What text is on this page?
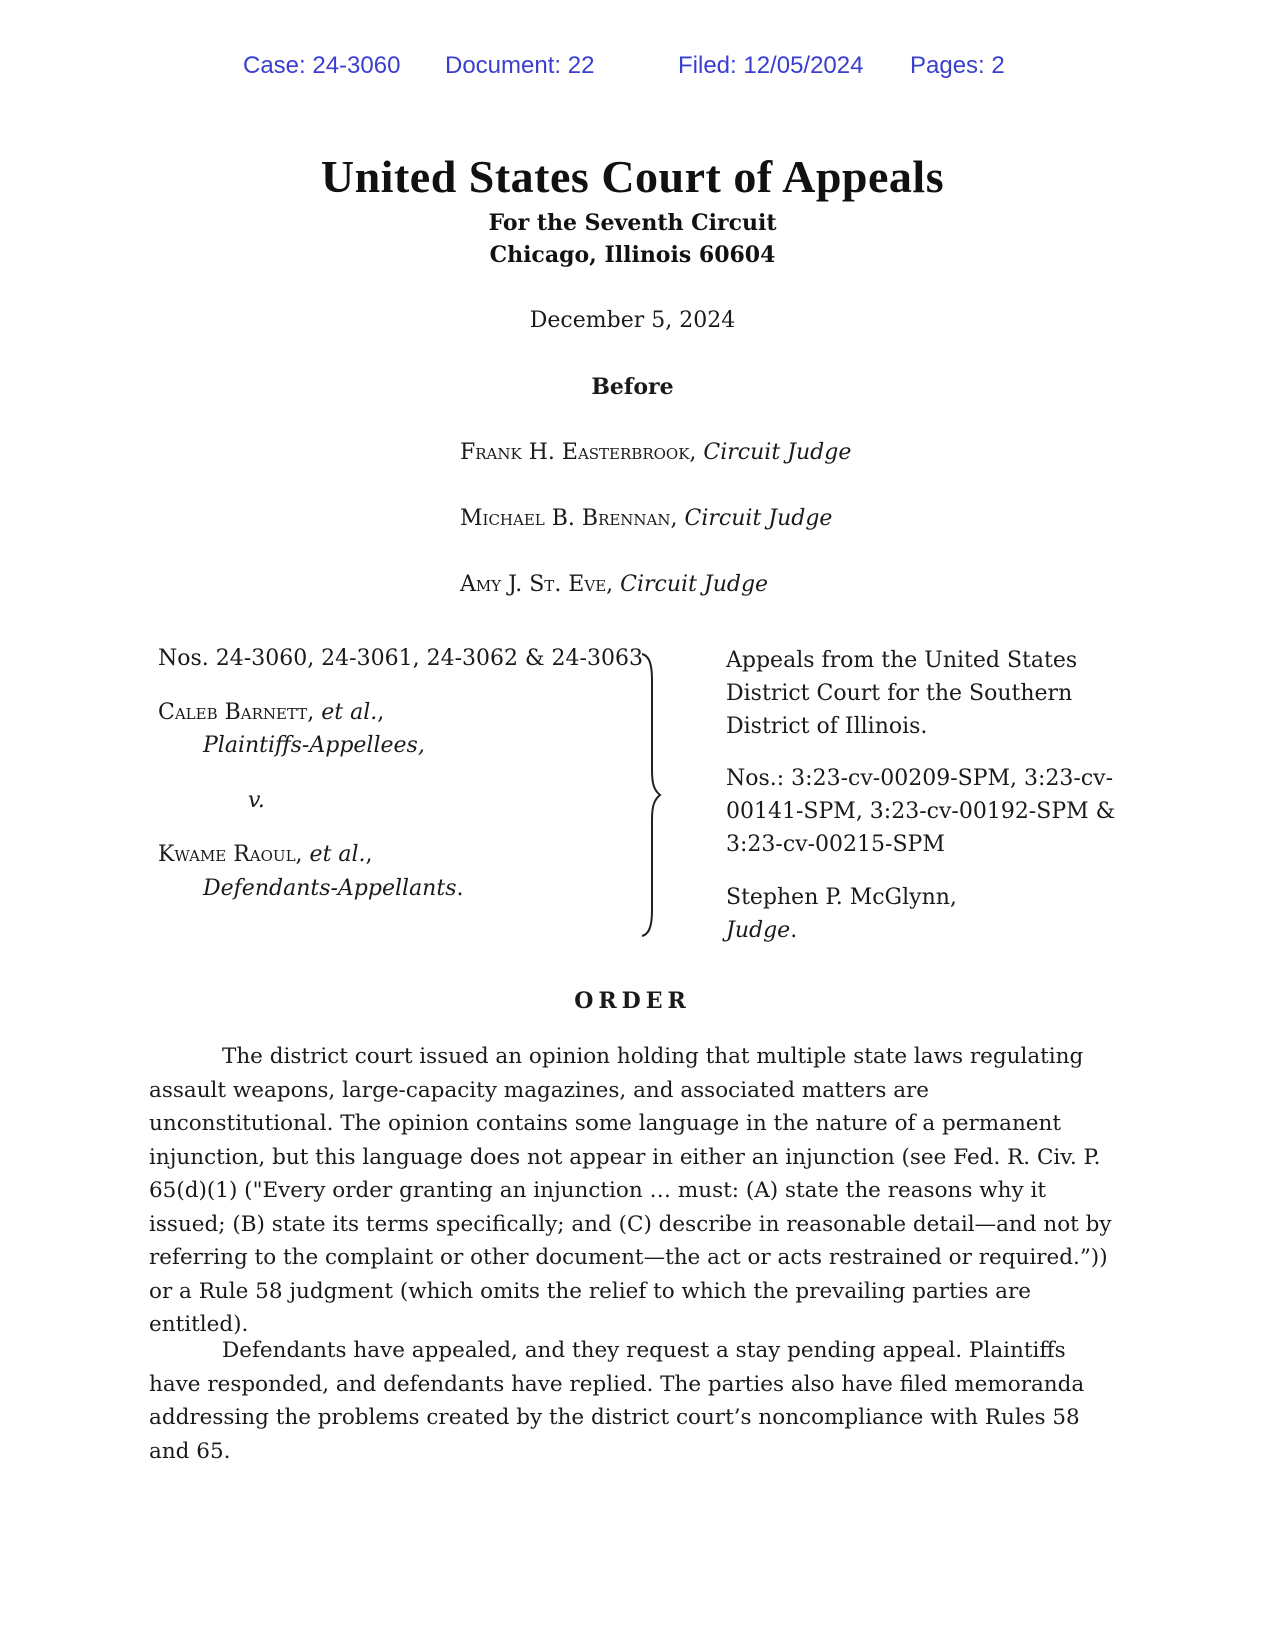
Case: 24-3060 Document: 22	Filed: 12/05/2024 Pages: 2
United States Court of Appeals
For the Seventh Circuit
Chicago, Illinois 60604
December 5, 2024
Before
Frank H. Easterbrook, Circuit Judge
Michael B. Brennan, Circuit Judge
Amy J. St. Eve, Circuit Judge
Nos. 24-3060, 24-3061, 24-3062 & 24-3063
Caleb Barnett, et al.,
Plaintiffs-Appellees,
v.
Kwame Raoul, et al.,
Defendants-Appellants.
Appeals from the United States District Court for the Southern District of Illinois.
Nos.: 3:23-cv-00209-SPM, 3:23-cv-00141-SPM, 3:23-cv-00192-SPM & 3:23-cv-00215-SPM
Stephen P. McGlynn,
Judge.
ORDER

The district court issued an opinion holding that multiple state laws regulating assault weapons, large-capacity magazines, and associated matters are unconstitutional. The opinion contains some language in the nature of a permanent injunction, but this language does not appear in either an injunction (see Fed. R. Civ. P. 65(d)(1) ("Every order granting an injunction … must: (A) state the reasons why it issued; (B) state its terms specifically; and (C) describe in reasonable detail—and not by referring to the complaint or other document—the act or acts restrained or required.”)) or a Rule 58 judgment (which omits the relief to which the prevailing parties are entitled).

Defendants have appealed, and they request a stay pending appeal. Plaintiffs have responded, and defendants have replied. The parties also have filed memoranda addressing the problems created by the district court’s noncompliance with Rules 58 and 65.
